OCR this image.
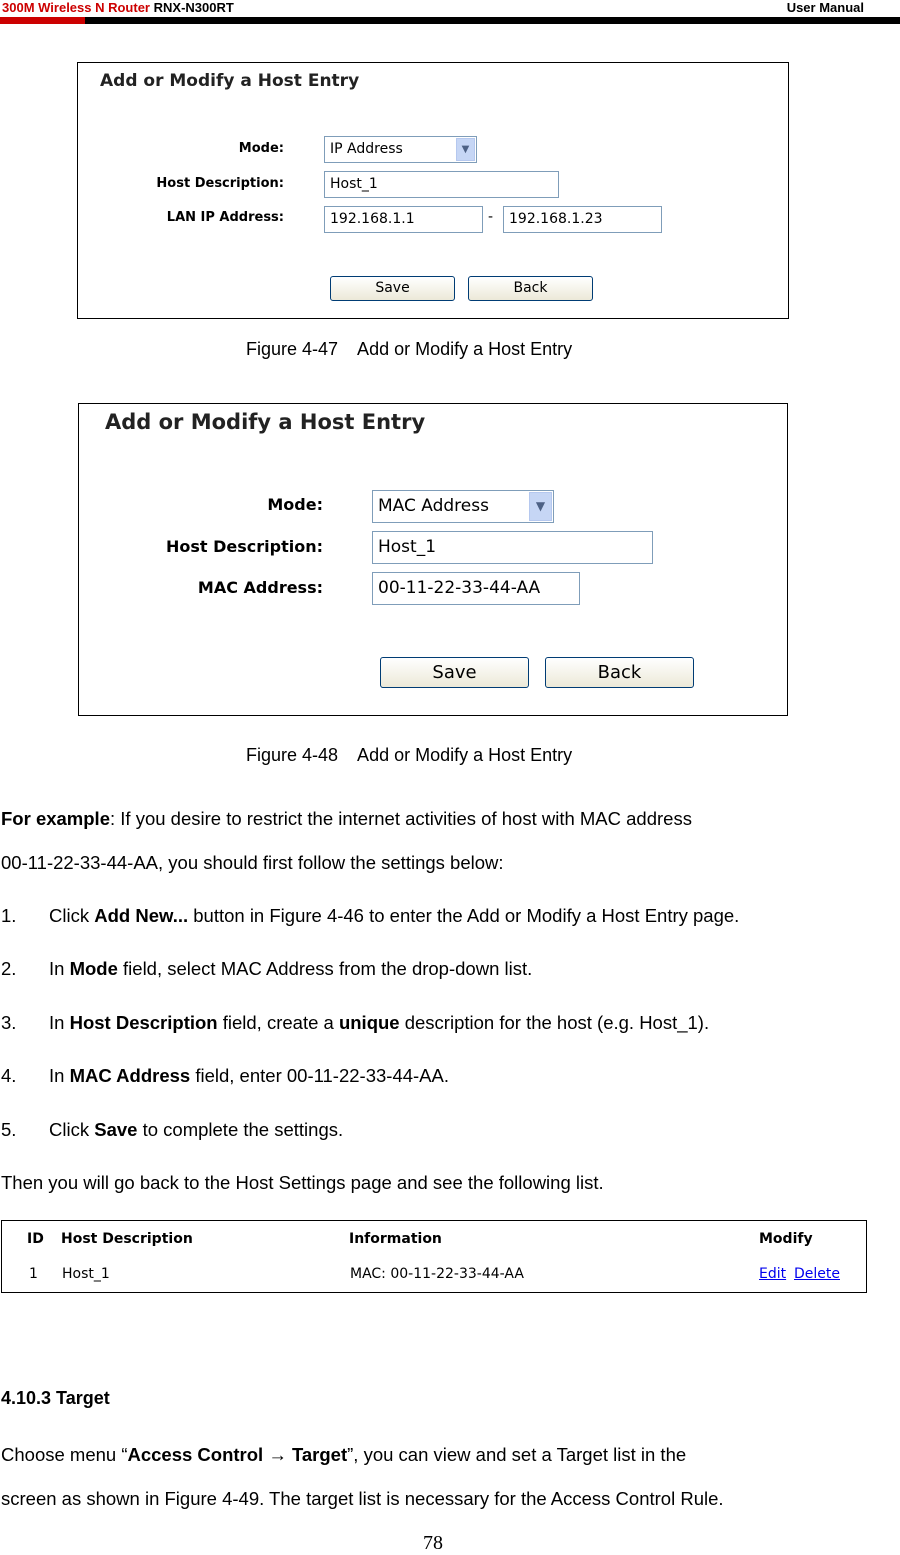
300M Wireless N Router RNX-N300RT	User Manual
Add or Modify a Host Entry
Mode:	IP Address	▼
Host Description:	Host_1
LAN IP Address:	192.168.1.1	-	192.168.1.23
Save	Back
Figure 4-47    Add or Modify a Host Entry
Add or Modify a Host Entry
Mode:	MAC Address	▼
Host Description:	Host_1
MAC Address:	00-11-22-33-44-AA
Save	Back
Figure 4-48    Add or Modify a Host Entry
For example: If you desire to restrict the internet activities of host with MAC address
00-11-22-33-44-AA, you should first follow the settings below:
1. Click Add New... button in Figure 4-46 to enter the Add or Modify a Host Entry page.
2. In Mode field, select MAC Address from the drop-down list.
3. In Host Description field, create a unique description for the host (e.g. Host_1).
4. In MAC Address field, enter 00-11-22-33-44-AA.
5. Click Save to complete the settings.
Then you will go back to the Host Settings page and see the following list.
ID Host Description	Information	Modify
1 Host_1	MAC: 00-11-22-33-44-AA	Edit Delete
4.10.3 Target
Choose menu “Access Control → Target”, you can view and set a Target list in the
screen as shown in Figure 4-49. The target list is necessary for the Access Control Rule.
78
